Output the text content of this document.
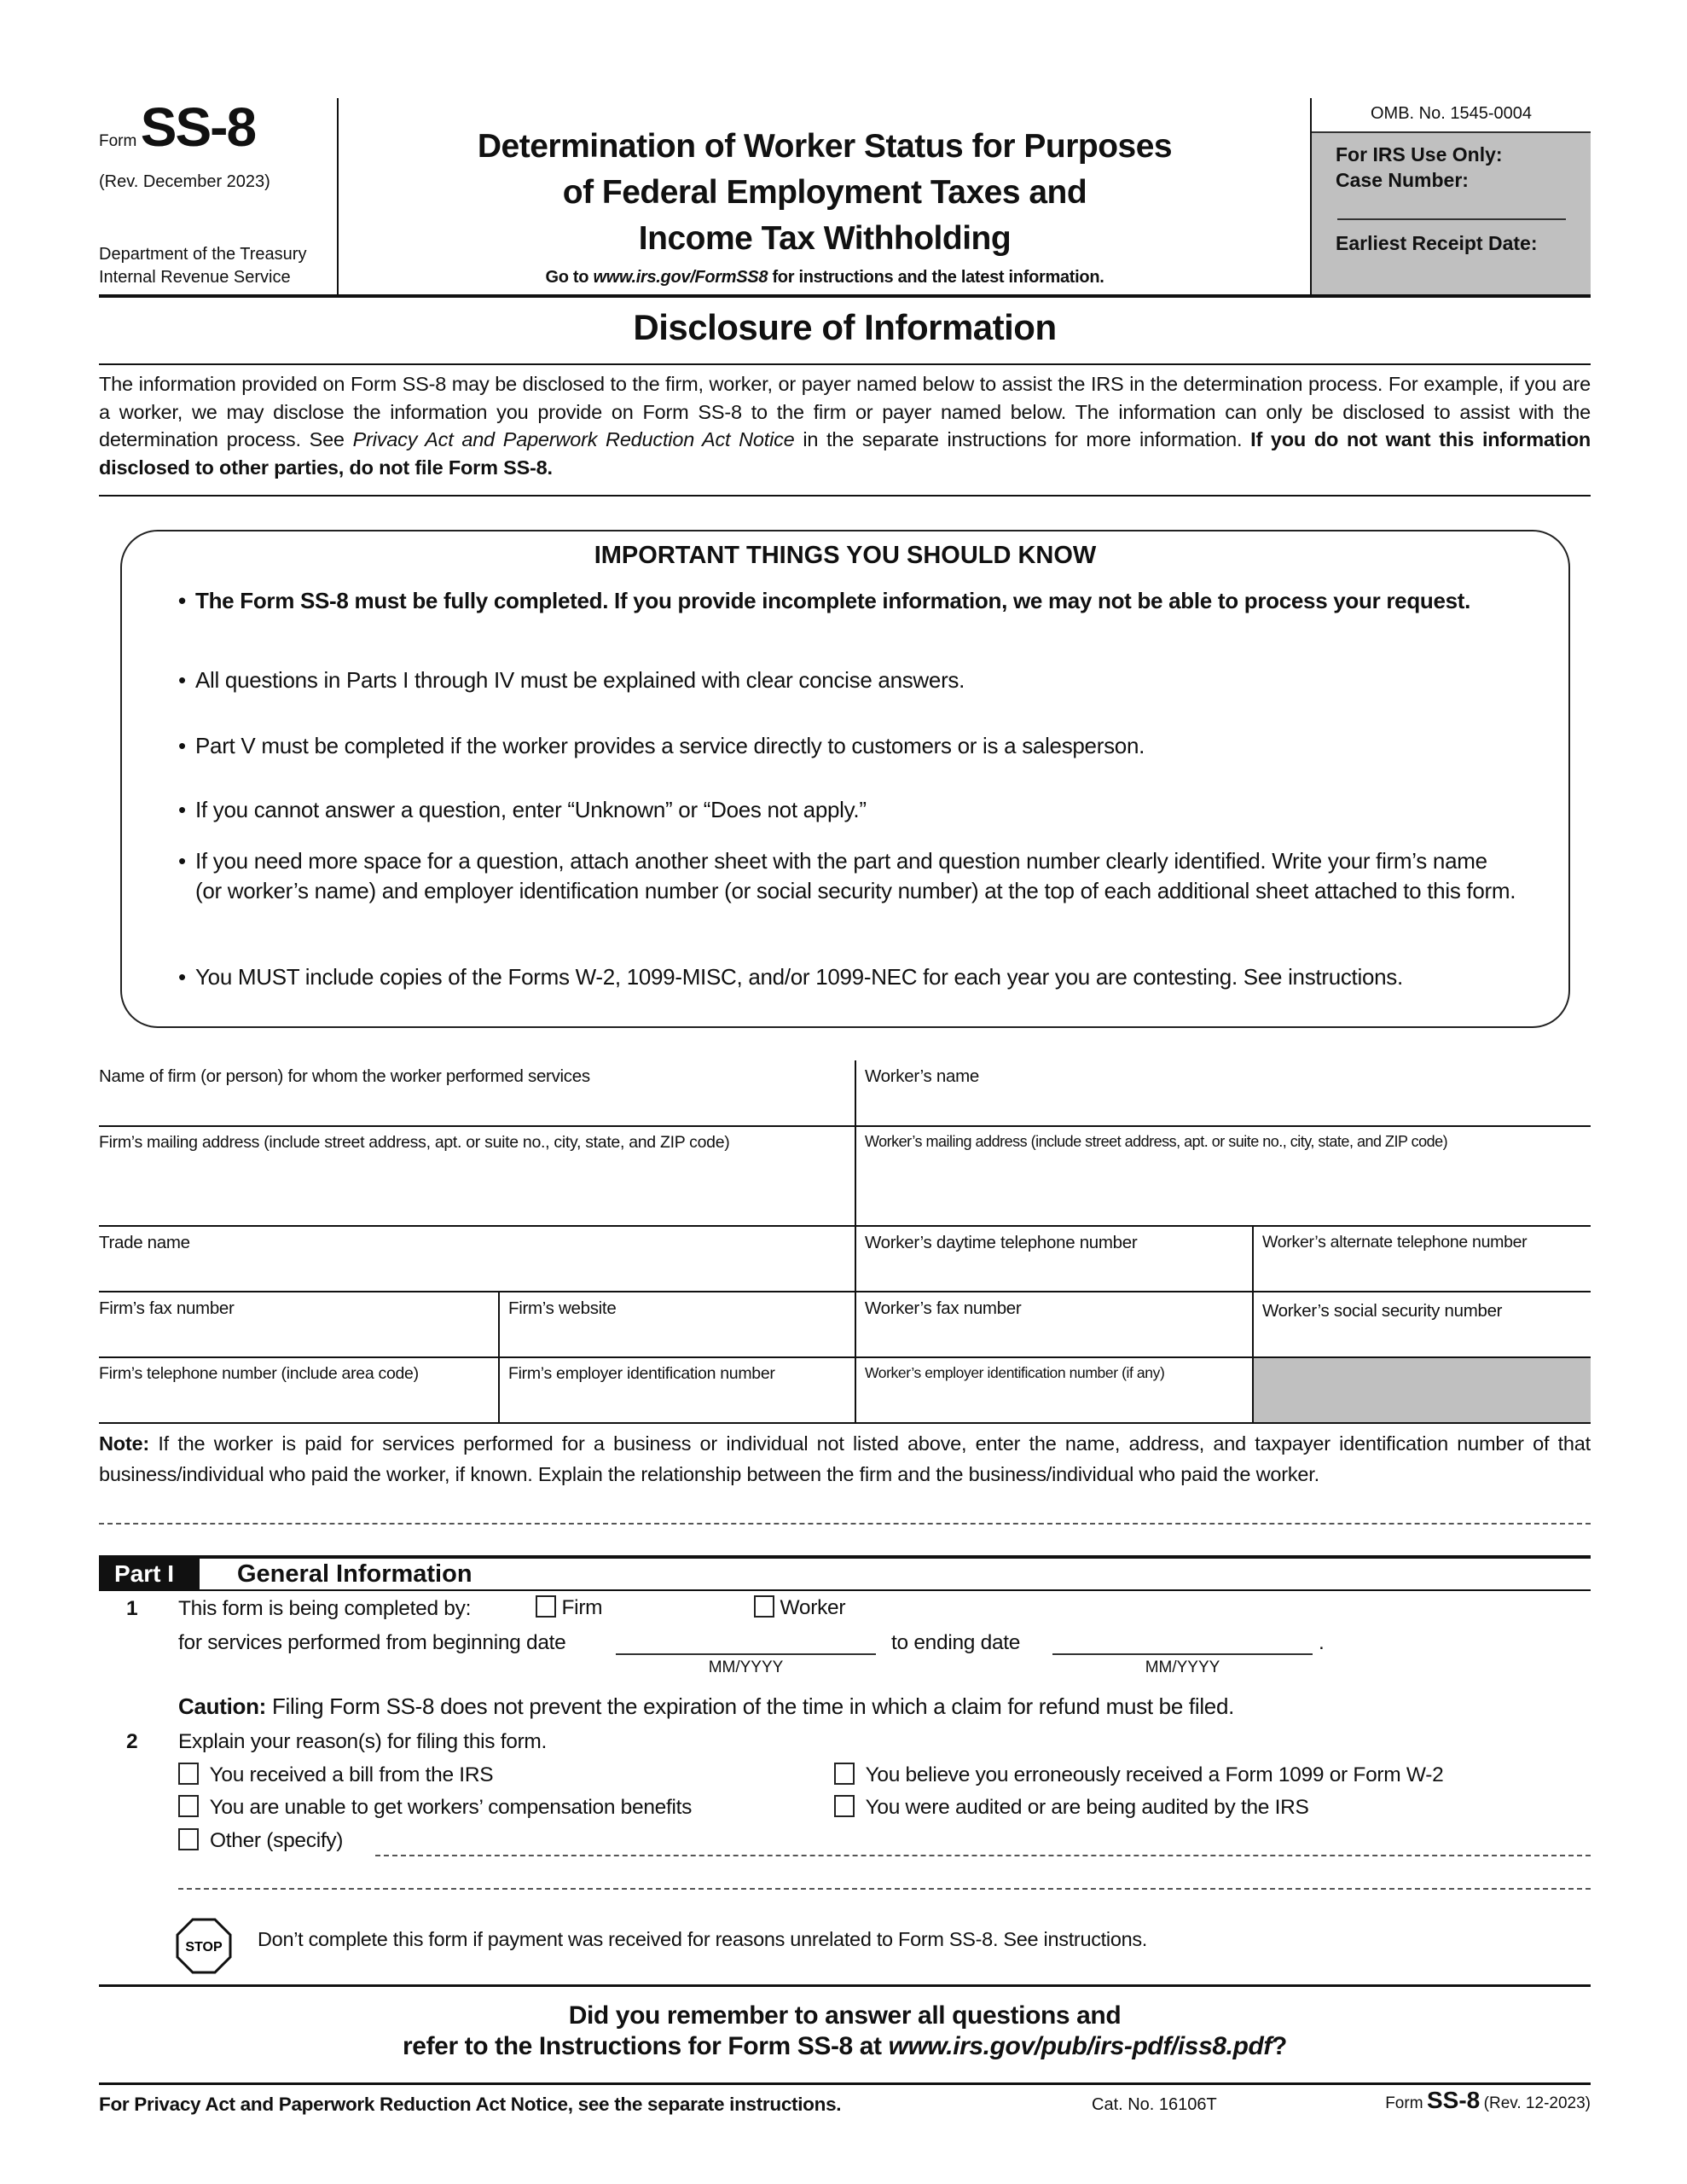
Form SS-8
(Rev. December 2023)
Department of the Treasury
Internal Revenue Service
Determination of Worker Status for Purposes
of Federal Employment Taxes and
Income Tax Withholding
Go to www.irs.gov/FormSS8 for instructions and the latest information.
OMB. No. 1545-0004
For IRS Use Only:
Case Number:
Earliest Receipt Date:
Disclosure of Information
The information provided on Form SS-8 may be disclosed to the firm, worker, or payer named below to assist the IRS in the determination process. For example, if you are a worker, we may disclose the information you provide on Form SS-8 to the firm or payer named below. The information can only be disclosed to assist with the determination process. See Privacy Act and Paperwork Reduction Act Notice in the separate instructions for more information. If you do not want this information disclosed to other parties, do not file Form SS-8.
IMPORTANT THINGS YOU SHOULD KNOW
• The Form SS-8 must be fully completed. If you provide incomplete information, we may not be able to process your request.
• All questions in Parts I through IV must be explained with clear concise answers.
• Part V must be completed if the worker provides a service directly to customers or is a salesperson.
• If you cannot answer a question, enter “Unknown” or “Does not apply.”
• If you need more space for a question, attach another sheet with the part and question number clearly identified. Write your firm’s name (or worker’s name) and employer identification number (or social security number) at the top of each additional sheet attached to this form.
• You MUST include copies of the Forms W-2, 1099-MISC, and/or 1099-NEC for each year you are contesting. See instructions.
Name of firm (or person) for whom the worker performed services	Worker’s name
Firm’s mailing address (include street address, apt. or suite no., city, state, and ZIP code)	Worker’s mailing address (include street address, apt. or suite no., city, state, and ZIP code)
Trade name	Worker’s daytime telephone number	Worker’s alternate telephone number
Firm’s fax number	Firm’s website	Worker’s fax number	Worker’s social security number
Firm’s telephone number (include area code)	Firm’s employer identification number	Worker’s employer identification number (if any)
Note: If the worker is paid for services performed for a business or individual not listed above, enter the name, address, and taxpayer identification number of that business/individual who paid the worker, if known. Explain the relationship between the firm and the business/individual who paid the worker.
Part I	General Information
1 This form is being completed by:	Firm	Worker
for services performed from beginning date
MM/YYYY
to ending date
MM/YYYY
.
Caution: Filing Form SS-8 does not prevent the expiration of the time in which a claim for refund must be filed.
2 Explain your reason(s) for filing this form.
You received a bill from the IRS	You believe you erroneously received a Form 1099 or Form W-2
You are unable to get workers’ compensation benefits	You were audited or are being audited by the IRS
Other (specify)
STOP Don’t complete this form if payment was received for reasons unrelated to Form SS-8. See instructions.
Did you remember to answer all questions and
refer to the Instructions for Form SS-8 at www.irs.gov/pub/irs-pdf/iss8.pdf?
For Privacy Act and Paperwork Reduction Act Notice, see the separate instructions.	Cat. No. 16106T	Form SS-8 (Rev. 12-2023)
